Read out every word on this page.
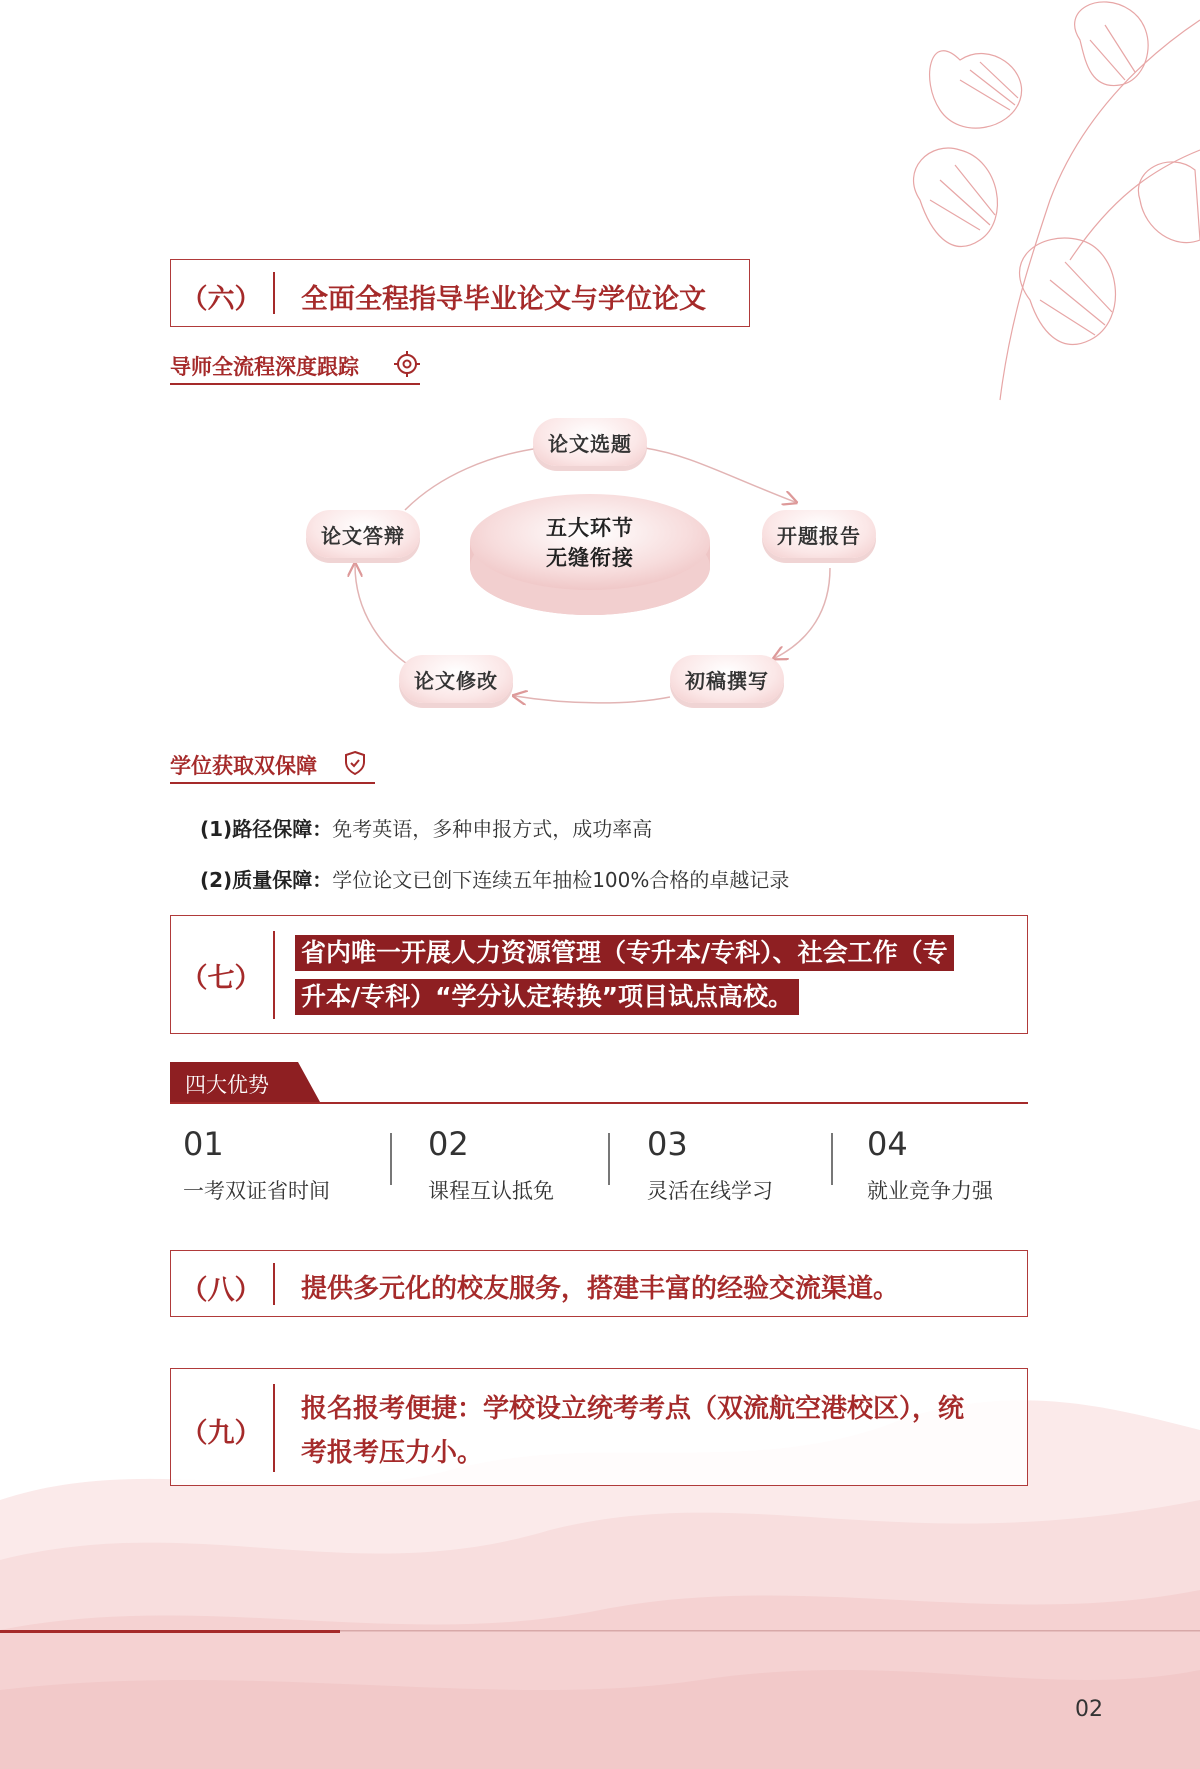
（六）	全面全程指导毕业论文与学位论文
导师全流程深度跟踪
五大环节
无缝衔接
论文选题
开题报告
初稿撰写
论文修改
论文答辩
学位获取双保障
(1)路径保障：免考英语，多种申报方式，成功率高
(2)质量保障：学位论文已创下连续五年抽检100%合格的卓越记录
（七）
省内唯一开展人力资源管理（专升本/专科）、社会工作（专
升本/专科）“学分认定转换”项目试点高校。
四大优势
01
一考双证省时间
02
课程互认抵免
03
灵活在线学习
04
就业竞争力强
（八）	提供多元化的校友服务，搭建丰富的经验交流渠道。
（九）
报名报考便捷：学校设立统考考点（双流航空港校区），统
考报考压力小。
02
